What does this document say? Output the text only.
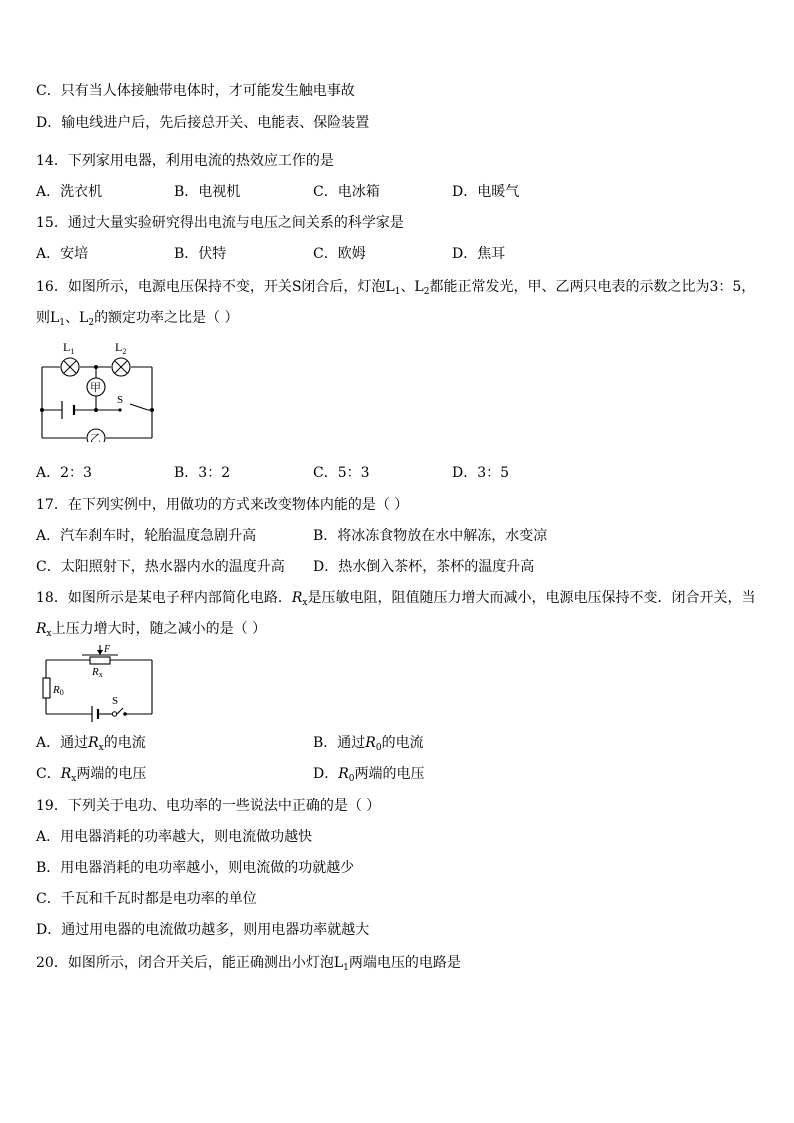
C．只有当人体接触带电体时，才可能发生触电事故
D．输电线进户后，先后接总开关、电能表、保险装置
14．下列家用电器，利用电流的热效应工作的是
A．洗衣机	B．电视机	C．电冰箱	D．电暖气
15．通过大量实验研究得出电流与电压之间关系的科学家是
A．安培	B．伏特	C．欧姆	D．焦耳
16．如图所示，电源电压保持不变，开关S闭合后，灯泡$L_1$、$L_2$都能正常发光，甲、乙两只电表的示数之比为3：5，
则$L_1$、$L_2$的额定功率之比是（ ）
$L_1$	$L_2$
甲
乙
S
A．2：3	B．3：2	C．5：3	D．3：5
17．在下列实例中，用做功的方式来改变物体内能的是（ ）
A．汽车刹车时，轮胎温度急剧升高	B．将冰冻食物放在水中解冻，水变凉
C．太阳照射下，热水器内水的温度升高 D．热水倒入茶杯，茶杯的温度升高
18．如图所示是某电子秤内部简化电路．$R_x$是压敏电阻，阻值随压力增大而减小，电源电压保持不变．闭合开关，当
$R_x$上压力增大时，随之减小的是（ ）
F
Rx
R0
S
A．通过$R_x$的电流	B．通过$R_0$的电流
C．$R_x$两端的电压	D．$R_0$两端的电压
19．下列关于电功、电功率的一些说法中正确的是（ ）
A．用电器消耗的功率越大，则电流做功越快
B．用电器消耗的电功率越小，则电流做的功就越少
C．千瓦和千瓦时都是电功率的单位
D．通过用电器的电流做功越多，则用电器功率就越大
20．如图所示，闭合开关后，能正确测出小灯泡$L_1$两端电压的电路是
